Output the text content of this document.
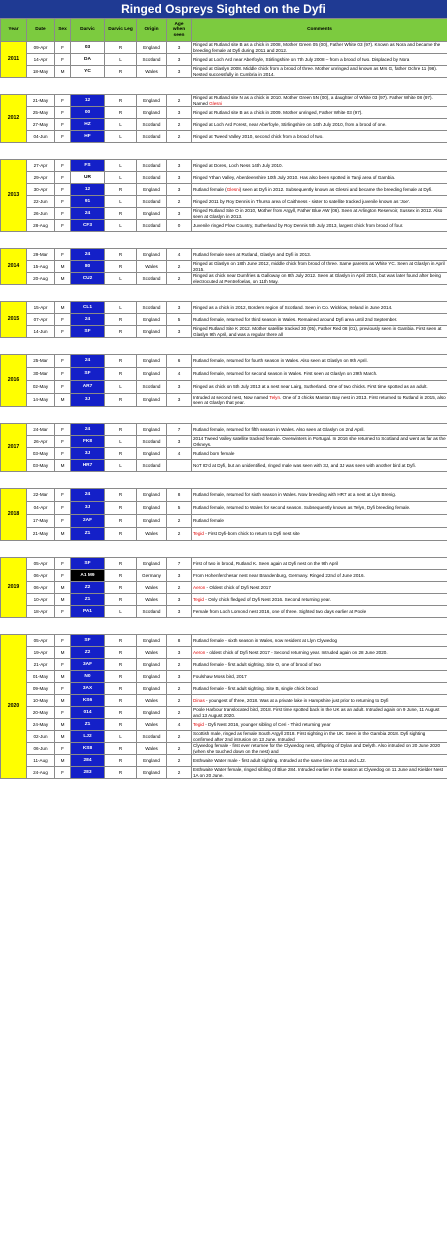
Ringed Ospreys Sighted on the Dyfi
Year	Date	Sex	Darvic	Darvic Leg	Origin	Age when seen	Comments
2011	09-Apr	F	03	R	England	3	Ringed at Rutland site B as a chick in 2008, Mother Green 05 (00), Father White 03 (97). Known as Nora and became the breeding female at Dyfi during 2011 and 2012.
	14-Apr	F	DA	L	Scotland	3	Ringed at Loch Ard near Aberfoyle, Stirlingshire on 7th July 2008 – from a brood of two. Displaced by Nora
	18-May	M	YC	R	Wales	3	Ringed at Glaslyn 2008. Middle chick from a brood of three. Mother unringed and known as Mrs G, father Ochre 11 (98). Nested successfully in Cumbria in 2014.

2012	21-May	F	12	R	England	2	Ringed at Rutland site N as a chick in 2010. Mother Green 5N (00), a daughter of White 03 (97). Father White 08 (97). Named Glesni
	25-May	F	00	R	England	3	Ringed at Rutland site B as a chick in 2009. Mother unringed, Father White 03 (97).
	27-May	F	HZ	L	Scotland	2	Ringed at Loch Ard Forest, near Aberfoyle, Stirlingshire on 14th July 2010, from a brood of one.
	04-Jun	F	HF	L	Scotland	2	Ringed at Tweed Valley 2010, second chick from a brood of two.

2013	27-Apr	F	FS	L	Scotland	3	Ringed at Dores, Loch Ness 14th July 2010.
	29-Apr	F	UR	L	Scotland	3	Ringed Ythan Valley, Aberdeenshire 10th July 2010. Has also been spotted in Tanji area of Gambia.
	30-Apr	F	12	R	England	3	Rutland female (Glesni) seen at Dyfi in 2012. Subsequently known as Glesni and became the breeding female at Dyfi.
	22-Jun	F	91	L	Scotland	2	Ringed 2011 by Roy Dennis in Thurso area of Caithness - sister to satellite tracked juvenile known as 'Joe'.
	26-Jun	F	24	R	England	3	Ringed Rutland Site O in 2010, Mother from Argyll, Father Blue AW (06). Seen at Arlington Reservoir, Sussex in 2012. Also seen at Glaslyn in 2013.
	28-Aug	F	CF3	L	Scotland	0	Juvenile ringed Flow Country, Sutherland by Roy Dennis 5th July 2013, largest chick from brood of four.

2014	29-Mar	F	24	R	England	4	Rutland female seen at Rutland, Glaslyn and Dyfi in 2013.
	15-Aug	M	80	R	Wales	2	Ringed at Glaslyn on 18th June 2012, middle chick from brood of three. Same parents as White YC. Seen at Glaslyn in April 2015.
	20-Aug	M	CU2	L	Scotland	2	Ringed as chick near Dumfries & Galloway on 8th July 2012. Seen at Glaslyn in April 2015, but was later found after being electrocuted at Pentrefoelas, on 11th May.

2015	15-Apr	M	CL1	L	Scotland	3	Ringed as a chick in 2012, Borders region of Scotland. Seen in Co. Wicklow, Ireland in June 2014.
	07-Apr	F	24	R	England	5	Rutland female, returned for third season in Wales. Remained around Dyfi area until 2nd September.
	14-Jun	F	SF	R	England	3	Ringed Rutland Site K 2012. Mother satellite tracked 30 (05), Father Red 08 (01), previously seen in Gambia. First seen at Glaslyn 9th April, and was a regular there all

2016	25-Mar	F	24	R	England	6	Rutland female, returned for fourth season in Wales. Also seen at Glaslyn on 9th April.
	30-Mar	F	SF	R	England	4	Rutland female, returned for second season in Wales. First seen at Glaslyn on 29th March.
	02-May	F	AR7	L	Scotland	3	Ringed as chick on 5th July 2013 at a nest near Lairg, Sutherland. One of two chicks. First time spotted as an adult.
	14-May	M	3J	R	England	3	Intruded at second nest, Now named Telyn. One of 3 chicks Manton Bay nest in 2013. First returned to Rutland in 2015, also seen at Glaslyn that year.

2017	24-Mar	F	24	R	England	7	Rutland female, returned for fifth season in Wales. Also seen at Glaslyn on 2nd April.
	26-Apr	F	FK8	L	Scotland	3	2014 Tweed Valley satellite tracked female. Overwinters in Portugal. In 2016 she returned to Scotland and went as far as the Orkneys.
	03-May	F	3J	R	England	4	Rutland born female
	03-May	M	HR7	L	Scotland		NoT ID'd at Dyfi, but an unidentified, ringed male was seen with 3J, and 3J was seen with another bird at Dyfi.

2018	22-Mar	F	24	R	England	8	Rutland female, returned for sixth season in Wales. Now breeding with HR7 at a nest at Llyn Brenig.
	04-Apr	F	3J	R	England	5	Rutland female, returned to Wales for second season. Subsequently known as Telyn, Dyfi breeding female.
	17-May	F	2AF	R	England	2	Rutland female
	21-May	M	Z1	R	Wales	2	Tegid - First Dyfi-born chick to return to Dyfi nest site

2019	05-Apr	F	SF	R	England	7	First of two in brood, Rutland K. Seen again at Dyfi nest on the 9th April
	06-Apr	F	A1 M9	R	Germany	3	From Hohenferchesar nest near Brandenburg, Germany. Ringed 22nd of June 2016.
	06-Apr	M	Z2	R	Wales	2	Aeron - Oldest chick of Dyfi Nest 2017
	10-Apr	M	Z1	R	Wales	3	Tegid - Only chick fledged of Dyfi Nest 2016. Second returning year.
	18-Apr	F	PA1	L	Scotland	3	Female from Loch Lomond nest 2016, one of three. Sighted two days earlier at Poole

2020	05-Apr	F	SF	R	England	8	Rutland female - sixth season in Wales, now resident at Llyn Clywedog
	19-Apr	M	Z2	R	Wales	3	Aeron - oldest chick of Dyfi Nest 2017 - Second returning year. Intruded again on 28 June 2020.
	21-Apr	F	3AF	R	England	2	Rutland female - first adult sighting. Site O, one of brood of two
	01-May	M	N0	R	England	3	Foulshaw Moss bird, 2017
	09-May	F	3AX	R	England	2	Rutland female - first adult sighting. Site B, single chick brood
	10-May	M	KS6	R	Wales	2	Dinas - youngest of three, 2018. Was at a private lake in Hampshire just prior to returning to Dyfi
	20-May	F	014	R	England	2	Poole Harbour translocated bird, 2018. First time spotted back in the UK as an adult. Intruded again on 9 June, 11 August and 13 August 2020.
	24-May	M	Z1	R	Wales	4	Tegid - Dyfi Nest 2016, younger sibling of Ceri - Third returning year
	02-Jun	M	LJ2	L	Scotland	2	Scottish male, ringed as female South Argyll 2018. First sighting in the UK. Seen in the Gambia 2018. Dyfi sighting confirmed after 2nd intrusion on 13 June. Intruded
	06-Jun	F	KS8	R	Wales	2	Clywedog female - first ever returnee for the Clywedog nest, offspring of Dylan and Delyth. Also intruded on 20 June 2020 (when she touched down on the nest) and
	11-Aug	M	284	R	England	2	Esthwaite Water male - first adult sighting. Intruded at the same time as 014 and LJ2.
	24-Aug	F	283	R	England	2	Esthwaite Water female, ringed sibling of Blue 284. Intruded earlier in the season at Clywedog on 11 June and Kielder Nest 1A on 20 June.
